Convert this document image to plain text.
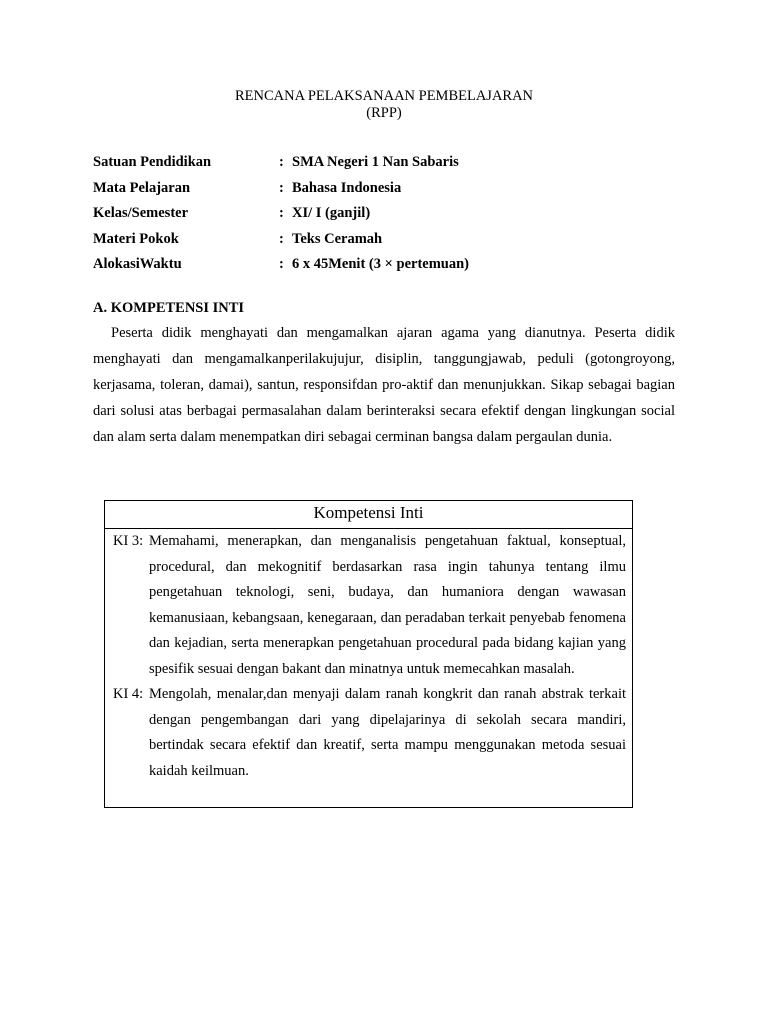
RENCANA PELAKSANAAN PEMBELAJARAN
(RPP)
Satuan Pendidikan	: SMA Negeri 1 Nan Sabaris
Mata Pelajaran	: Bahasa Indonesia
Kelas/Semester	: XI/ I (ganjil)
Materi Pokok	: Teks Ceramah
AlokasiWaktu	: 6 x 45Menit (3 × pertemuan)
A. KOMPETENSI INTI
Peserta didik menghayati dan mengamalkan ajaran agama yang dianutnya. Peserta didik menghayati dan mengamalkanperilakujujur, disiplin, tanggungjawab, peduli (gotongroyong, kerjasama, toleran, damai), santun, responsifdan pro-aktif dan menunjukkan. Sikap sebagai bagian dari solusi atas berbagai permasalahan dalam berinteraksi secara efektif dengan lingkungan social dan alam serta dalam menempatkan diri sebagai cerminan bangsa dalam pergaulan dunia.
Kompetensi Inti
KI 3: Memahami, menerapkan, dan menganalisis pengetahuan faktual, konseptual, procedural, dan mekognitif berdasarkan rasa ingin tahunya tentang ilmu pengetahuan teknologi, seni, budaya, dan humaniora dengan wawasan kemanusiaan, kebangsaan, kenegaraan, dan peradaban terkait penyebab fenomena dan kejadian, serta menerapkan pengetahuan procedural pada bidang kajian yang spesifik sesuai dengan bakant dan minatnya untuk memecahkan masalah.
KI 4: Mengolah, menalar,dan menyaji dalam ranah kongkrit dan ranah abstrak terkait dengan pengembangan dari yang dipelajarinya di sekolah secara mandiri, bertindak secara efektif dan kreatif, serta mampu menggunakan metoda sesuai kaidah keilmuan.
